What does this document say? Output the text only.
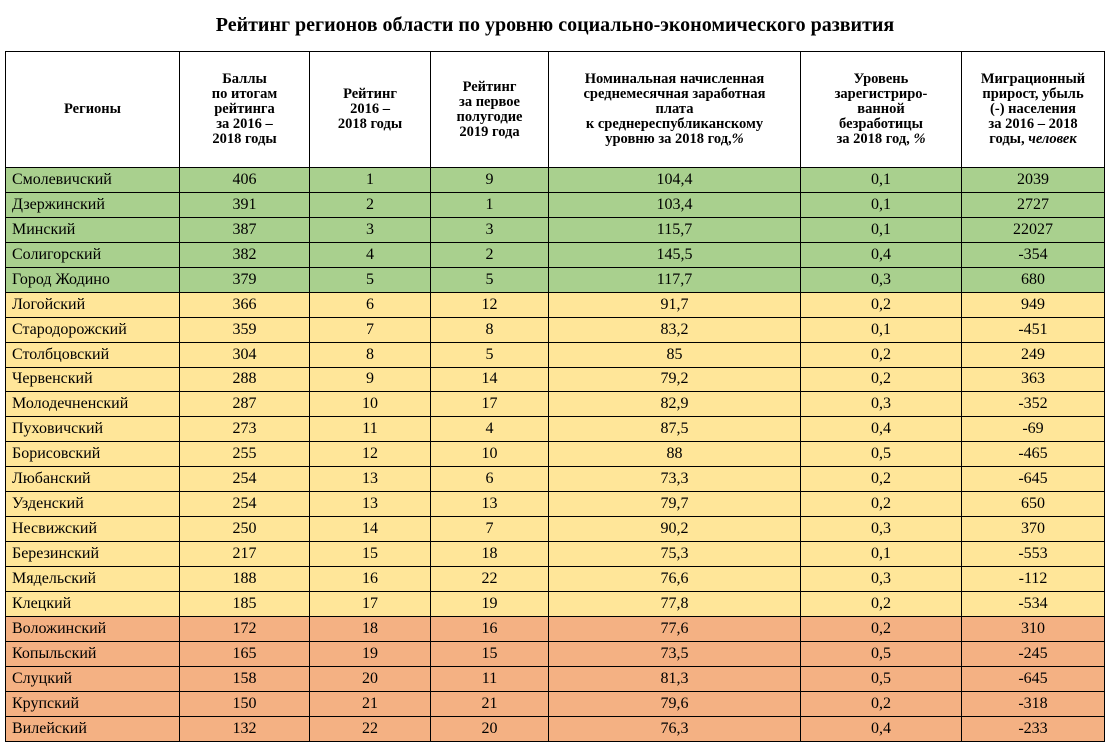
Рейтинг регионов области по уровню социально-экономического развития
Регионы	Баллы
по итогам
рейтинга
за 2016 –
2018 годы	Рейтинг
2016 –
2018 годы	Рейтинг
за первое
полугодие
2019 года	Номинальная начисленная
среднемесячная заработная
плата
к среднереспубликанскому
уровню за 2018 год,%	Уровень
зарегистриро-
ванной
безработицы
за 2018 год, %	Миграционный
прирост, убыль
(-) населения
за 2016 – 2018
годы, человек

Смолевичский	406	1	9	104,4	0,1	2039
Дзержинский	391	2	1	103,4	0,1	2727
Минский	387	3	3	115,7	0,1	22027
Солигорский	382	4	2	145,5	0,4	-354
Город Жодино	379	5	5	117,7	0,3	680
Логойский	366	6	12	91,7	0,2	949
Стародорожский	359	7	8	83,2	0,1	-451
Столбцовский	304	8	5	85	0,2	249
Червенский	288	9	14	79,2	0,2	363
Молодечненский	287	10	17	82,9	0,3	-352
Пуховичский	273	11	4	87,5	0,4	-69
Борисовский	255	12	10	88	0,5	-465
Любанский	254	13	6	73,3	0,2	-645
Узденский	254	13	13	79,7	0,2	650
Несвижский	250	14	7	90,2	0,3	370
Березинский	217	15	18	75,3	0,1	-553
Мядельский	188	16	22	76,6	0,3	-112
Клецкий	185	17	19	77,8	0,2	-534
Воложинский	172	18	16	77,6	0,2	310
Копыльский	165	19	15	73,5	0,5	-245
Слуцкий	158	20	11	81,3	0,5	-645
Крупский	150	21	21	79,6	0,2	-318
Вилейский	132	22	20	76,3	0,4	-233
